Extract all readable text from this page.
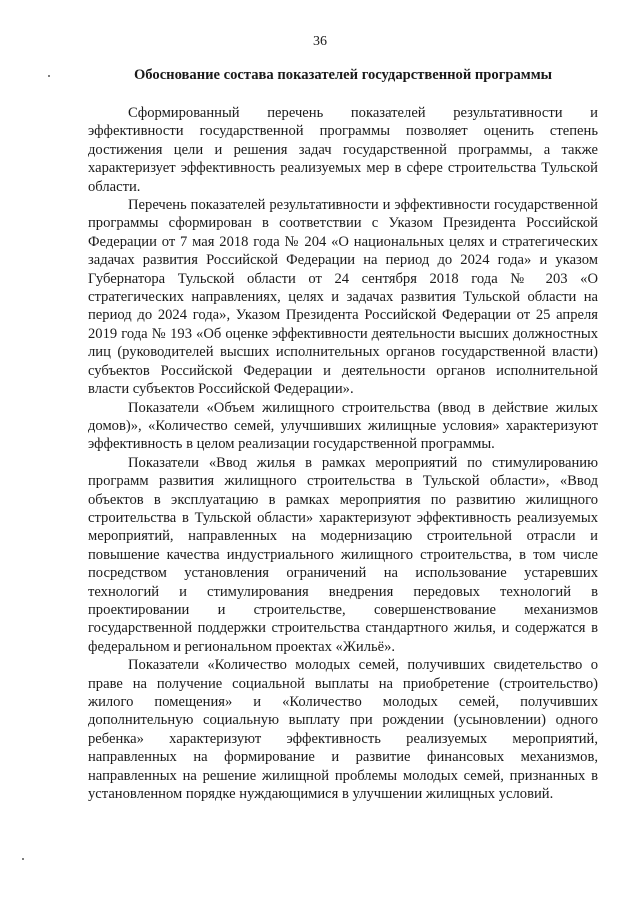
36
Обоснование состава показателей государственной программы

Сформированный перечень показателей результативности и эффективности государственной программы позволяет оценить степень достижения цели и решения задач государственной программы, а также характеризует эффективность реализуемых мер в сфере строительства Тульской области.

Перечень показателей результативности и эффективности государственной программы сформирован в соответствии с Указом Президента Российской Федерации от 7 мая 2018 года № 204 «О национальных целях и стратегических задачах развития Российской Федерации на период до 2024 года» и указом Губернатора Тульской области от 24 сентября 2018 года № 203 «О стратегических направлениях, целях и задачах развития Тульской области на период до 2024 года», Указом Президента Российской Федерации от 25 апреля 2019 года № 193 «Об оценке эффективности деятельности высших должностных лиц (руководителей высших исполнительных органов государственной власти) субъектов Российской Федерации и деятельности органов исполнительной власти субъектов Российской Федерации».

Показатели «Объем жилищного строительства (ввод в действие жилых домов)», «Количество семей, улучшивших жилищные условия» характеризуют эффективность в целом реализации государственной программы.

Показатели «Ввод жилья в рамках мероприятий по стимулированию программ развития жилищного строительства в Тульской области», «Ввод объектов в эксплуатацию в рамках мероприятия по развитию жилищного строительства в Тульской области» характеризуют эффективность реализуемых мероприятий, направленных на модернизацию строительной отрасли и повышение качества индустриального жилищного строительства, в том числе посредством установления ограничений на использование устаревших технологий и стимулирования внедрения передовых технологий в проектировании и строительстве, совершенствование механизмов государственной поддержки строительства стандартного жилья, и содержатся в федеральном и региональном проектах «Жильё».

Показатели «Количество молодых семей, получивших свидетельство о праве на получение социальной выплаты на приобретение (строительство) жилого помещения» и «Количество молодых семей, получивших дополнительную социальную выплату при рождении (усыновлении) одного ребенка» характеризуют эффективность реализуемых мероприятий, направленных на формирование и развитие финансовых механизмов, направленных на решение жилищной проблемы молодых семей, признанных в установленном порядке нуждающимися в улучшении жилищных условий.
